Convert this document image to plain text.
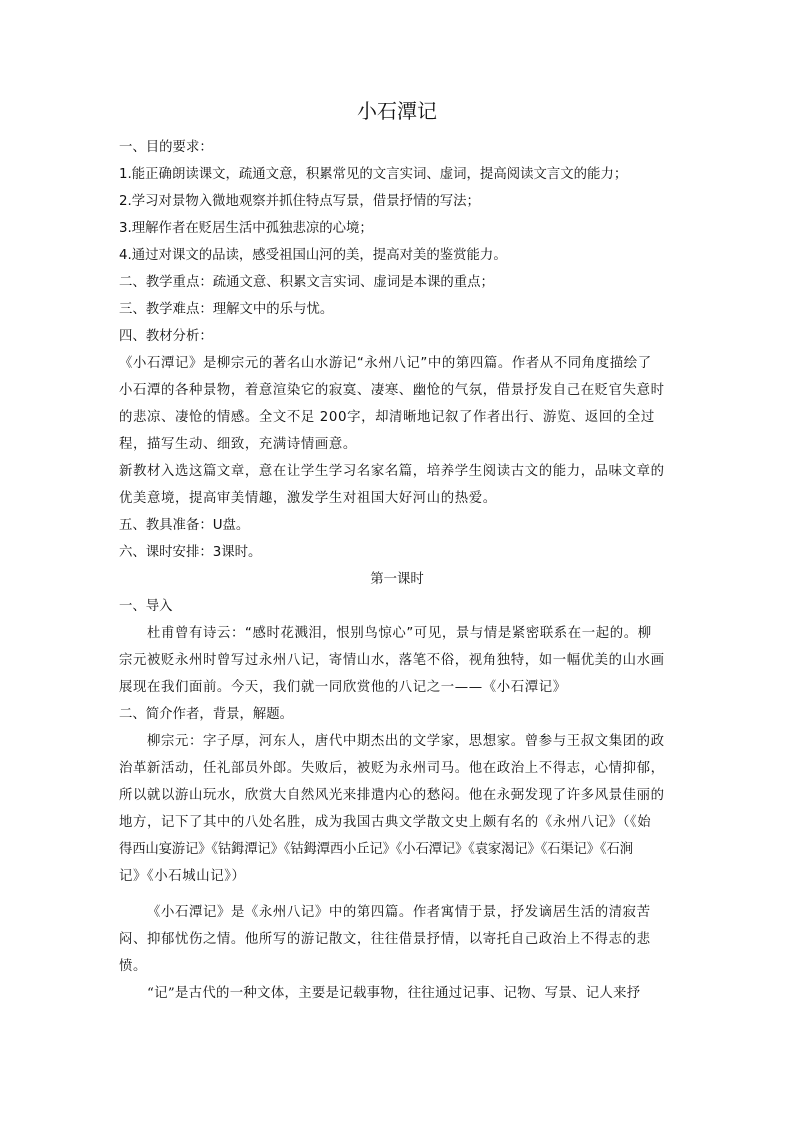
小石潭记
一、目的要求：
1.能正确朗读课文，疏通文意，积累常见的文言实词、虚词，提高阅读文言文的能力；
2.学习对景物入微地观察并抓住特点写景，借景抒情的写法；
3.理解作者在贬居生活中孤独悲凉的心境；
4.通过对课文的品读，感受祖国山河的美，提高对美的鉴赏能力。
二、教学重点：疏通文意、积累文言实词、虚词是本课的重点；
三、教学难点：理解文中的乐与忧。
四、教材分析：
《小石潭记》是柳宗元的著名山水游记“永州八记”中的第四篇。作者从不同角度描绘了
小石潭的各种景物，着意渲染它的寂寞、凄寒、幽怆的气氛，借景抒发自己在贬官失意时
的悲凉、凄怆的情感。全文不足 200字，却清晰地记叙了作者出行、游览、返回的全过
程，描写生动、细致，充满诗情画意。
新教材入选这篇文章，意在让学生学习名家名篇，培养学生阅读古文的能力，品味文章的
优美意境，提高审美情趣，激发学生对祖国大好河山的热爱。
五、教具准备：U盘。
六、课时安排：3课时。
第一课时
一、导入
杜甫曾有诗云：“感时花溅泪，恨别鸟惊心”可见，景与情是紧密联系在一起的。柳
宗元被贬永州时曾写过永州八记，寄情山水，落笔不俗，视角独特，如一幅优美的山水画
展现在我们面前。今天，我们就一同欣赏他的八记之一——《小石潭记》
二、简介作者，背景，解题。
柳宗元：字子厚，河东人，唐代中期杰出的文学家，思想家。曾参与王叔文集团的政
治革新活动，任礼部员外郎。失败后，被贬为永州司马。他在政治上不得志，心情抑郁，
所以就以游山玩水，欣赏大自然风光来排遣内心的愁闷。他在永弼发现了许多风景佳丽的
地方，记下了其中的八处名胜，成为我国古典文学散文史上颇有名的《永州八记》（《始
得西山宴游记》《钴鉧潭记》《钴鉧潭西小丘记》《小石潭记》《袁家渴记》《石渠记》《石涧
记》《小石城山记》）
《小石潭记》是《永州八记》中的第四篇。作者寓情于景，抒发谪居生活的清寂苦
闷、抑郁忧伤之情。他所写的游记散文，往往借景抒情，以寄托自己政治上不得志的悲
愤。
“记”是古代的一种文体，主要是记载事物，往往通过记事、记物、写景、记人来抒
